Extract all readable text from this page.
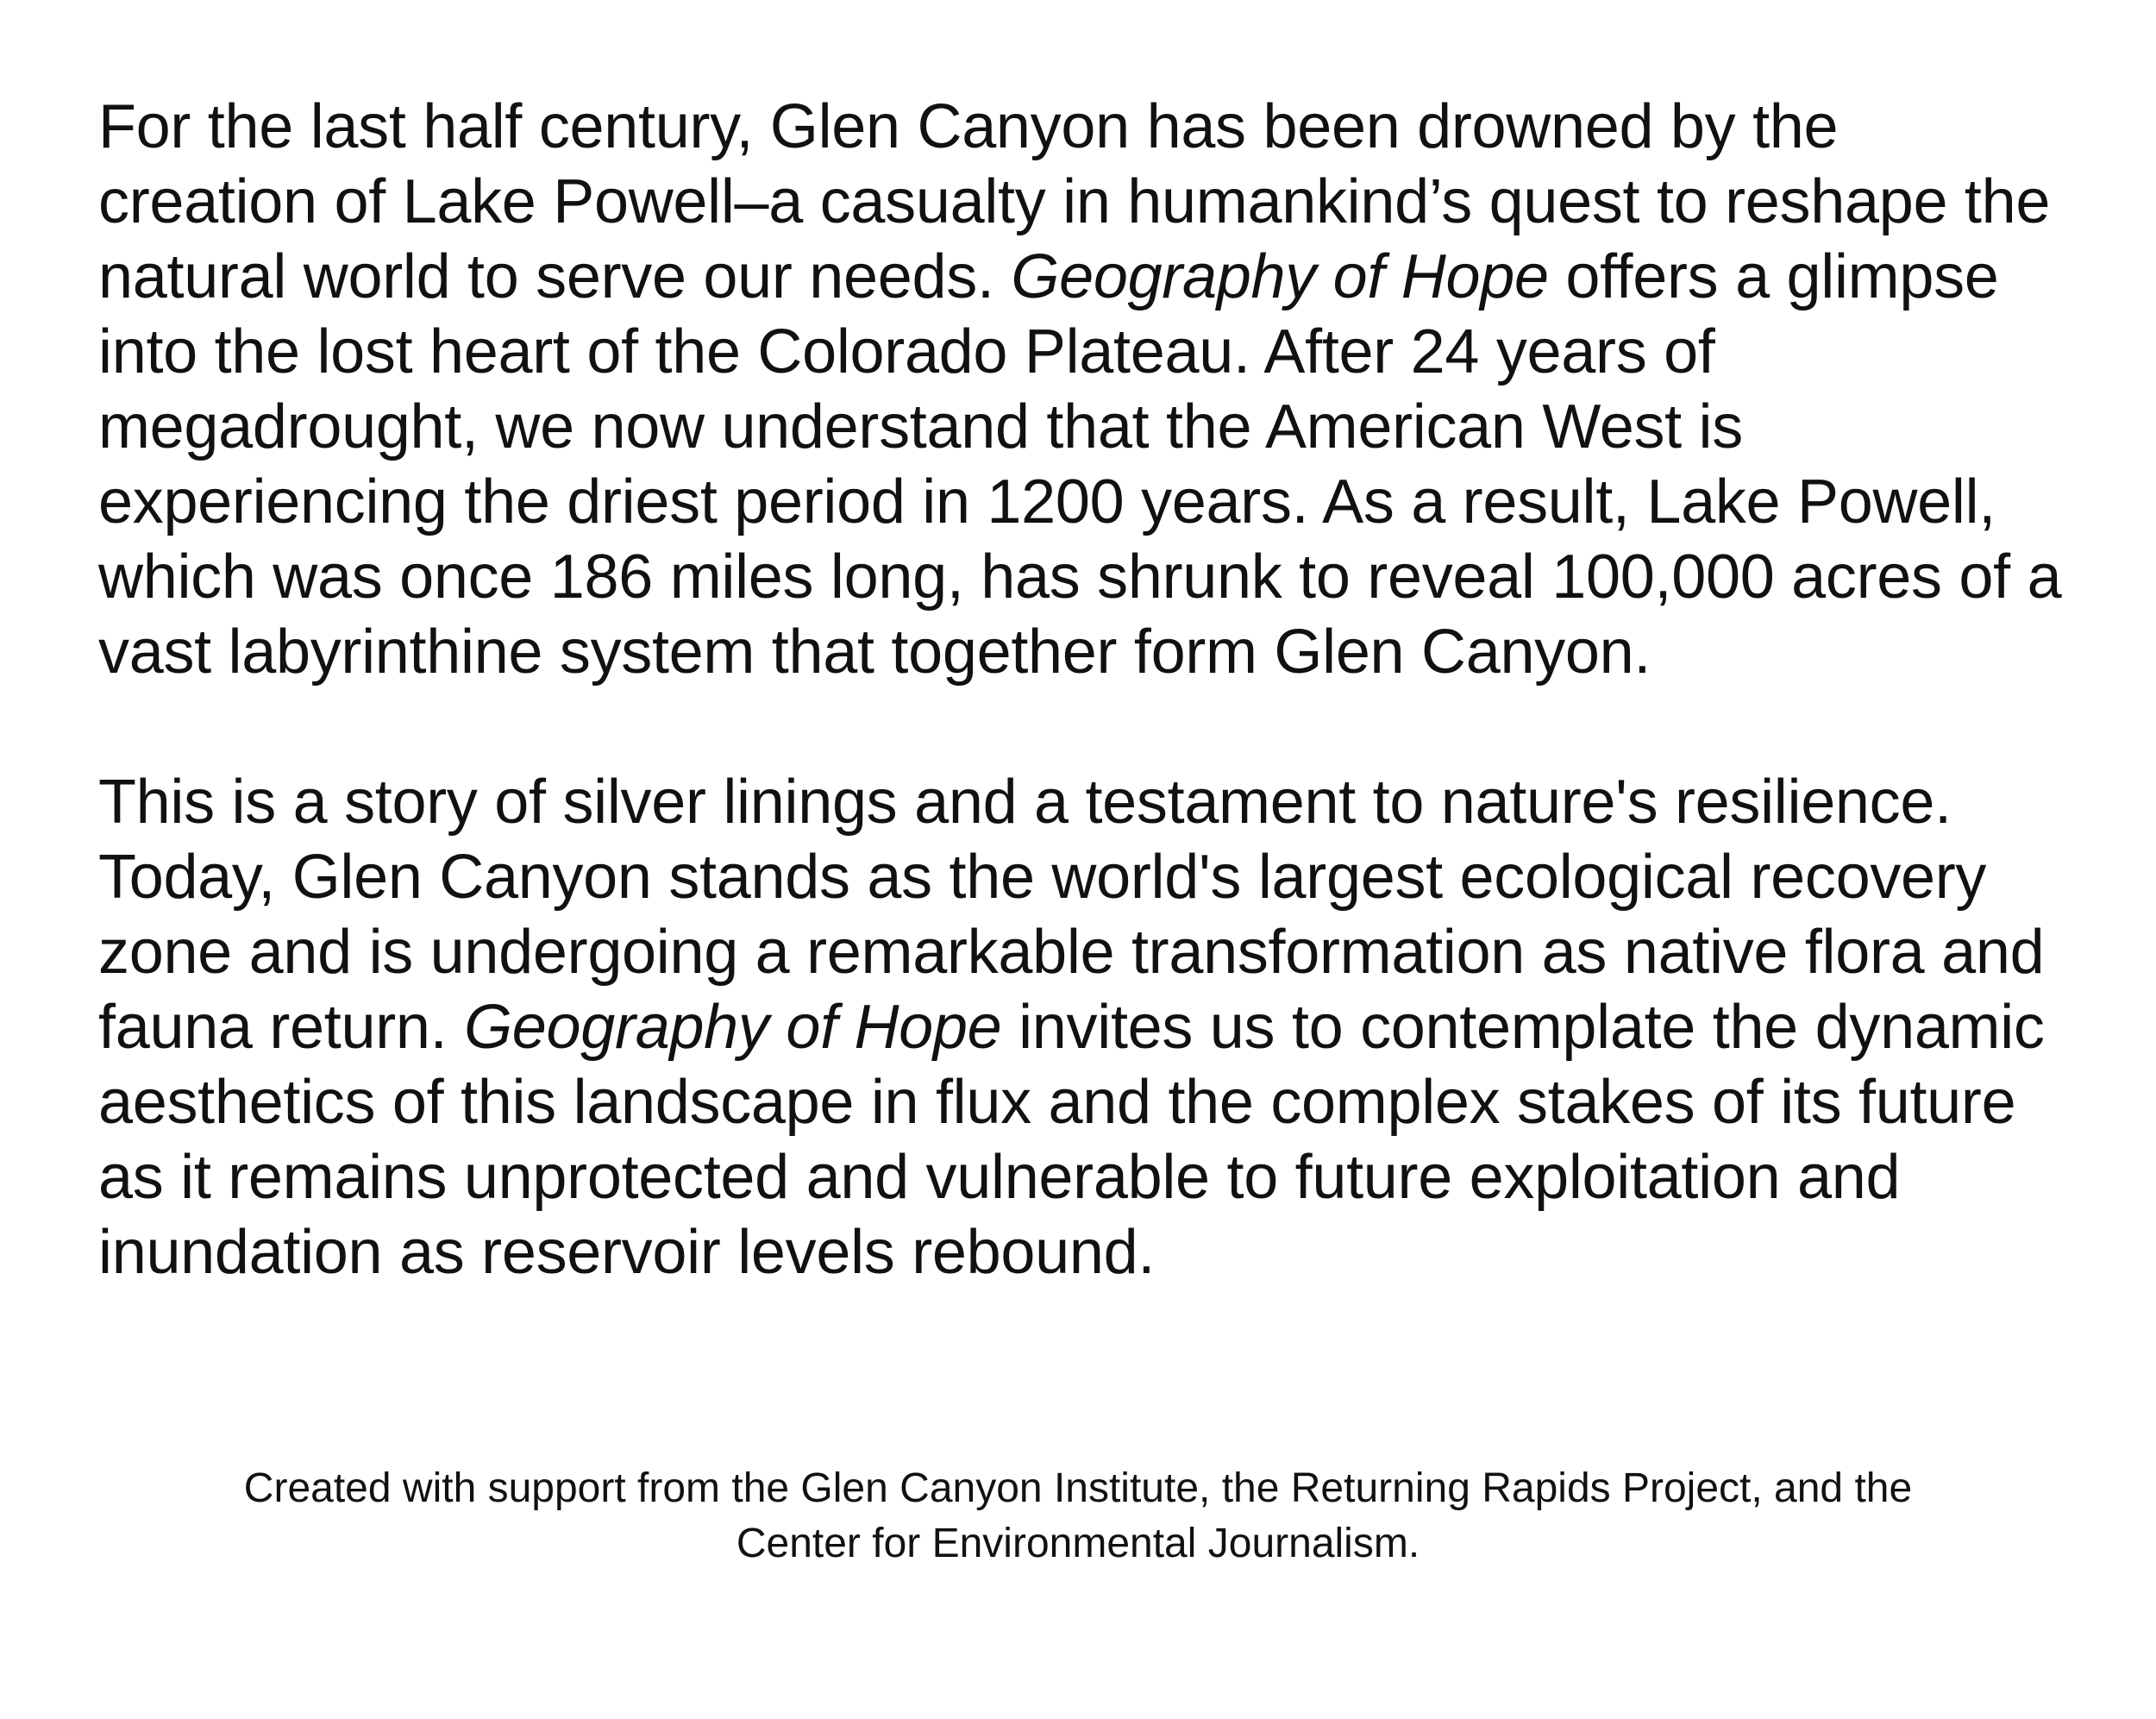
For the last half century, Glen Canyon has been drowned by the creation of Lake Powell–a casualty in humankind’s quest to reshape the natural world to serve our needs. Geography of Hope offers a glimpse into the lost heart of the Colorado Plateau. After 24 years of megadrought, we now understand that the American West is experiencing the driest period in 1200 years. As a result, Lake Powell, which was once 186 miles long, has shrunk to reveal 100,000 acres of a vast labyrinthine system that together form Glen Canyon.

This is a story of silver linings and a testament to nature's resilience. Today, Glen Canyon stands as the world's largest ecological recovery zone and is undergoing a remarkable transformation as native flora and fauna return. Geography of Hope invites us to contemplate the dynamic aesthetics of this landscape in flux and the complex stakes of its future as it remains unprotected and vulnerable to future exploitation and inundation as reservoir levels rebound.

Created with support from the Glen Canyon Institute, the Returning Rapids Project, and the
Center for Environmental Journalism.
